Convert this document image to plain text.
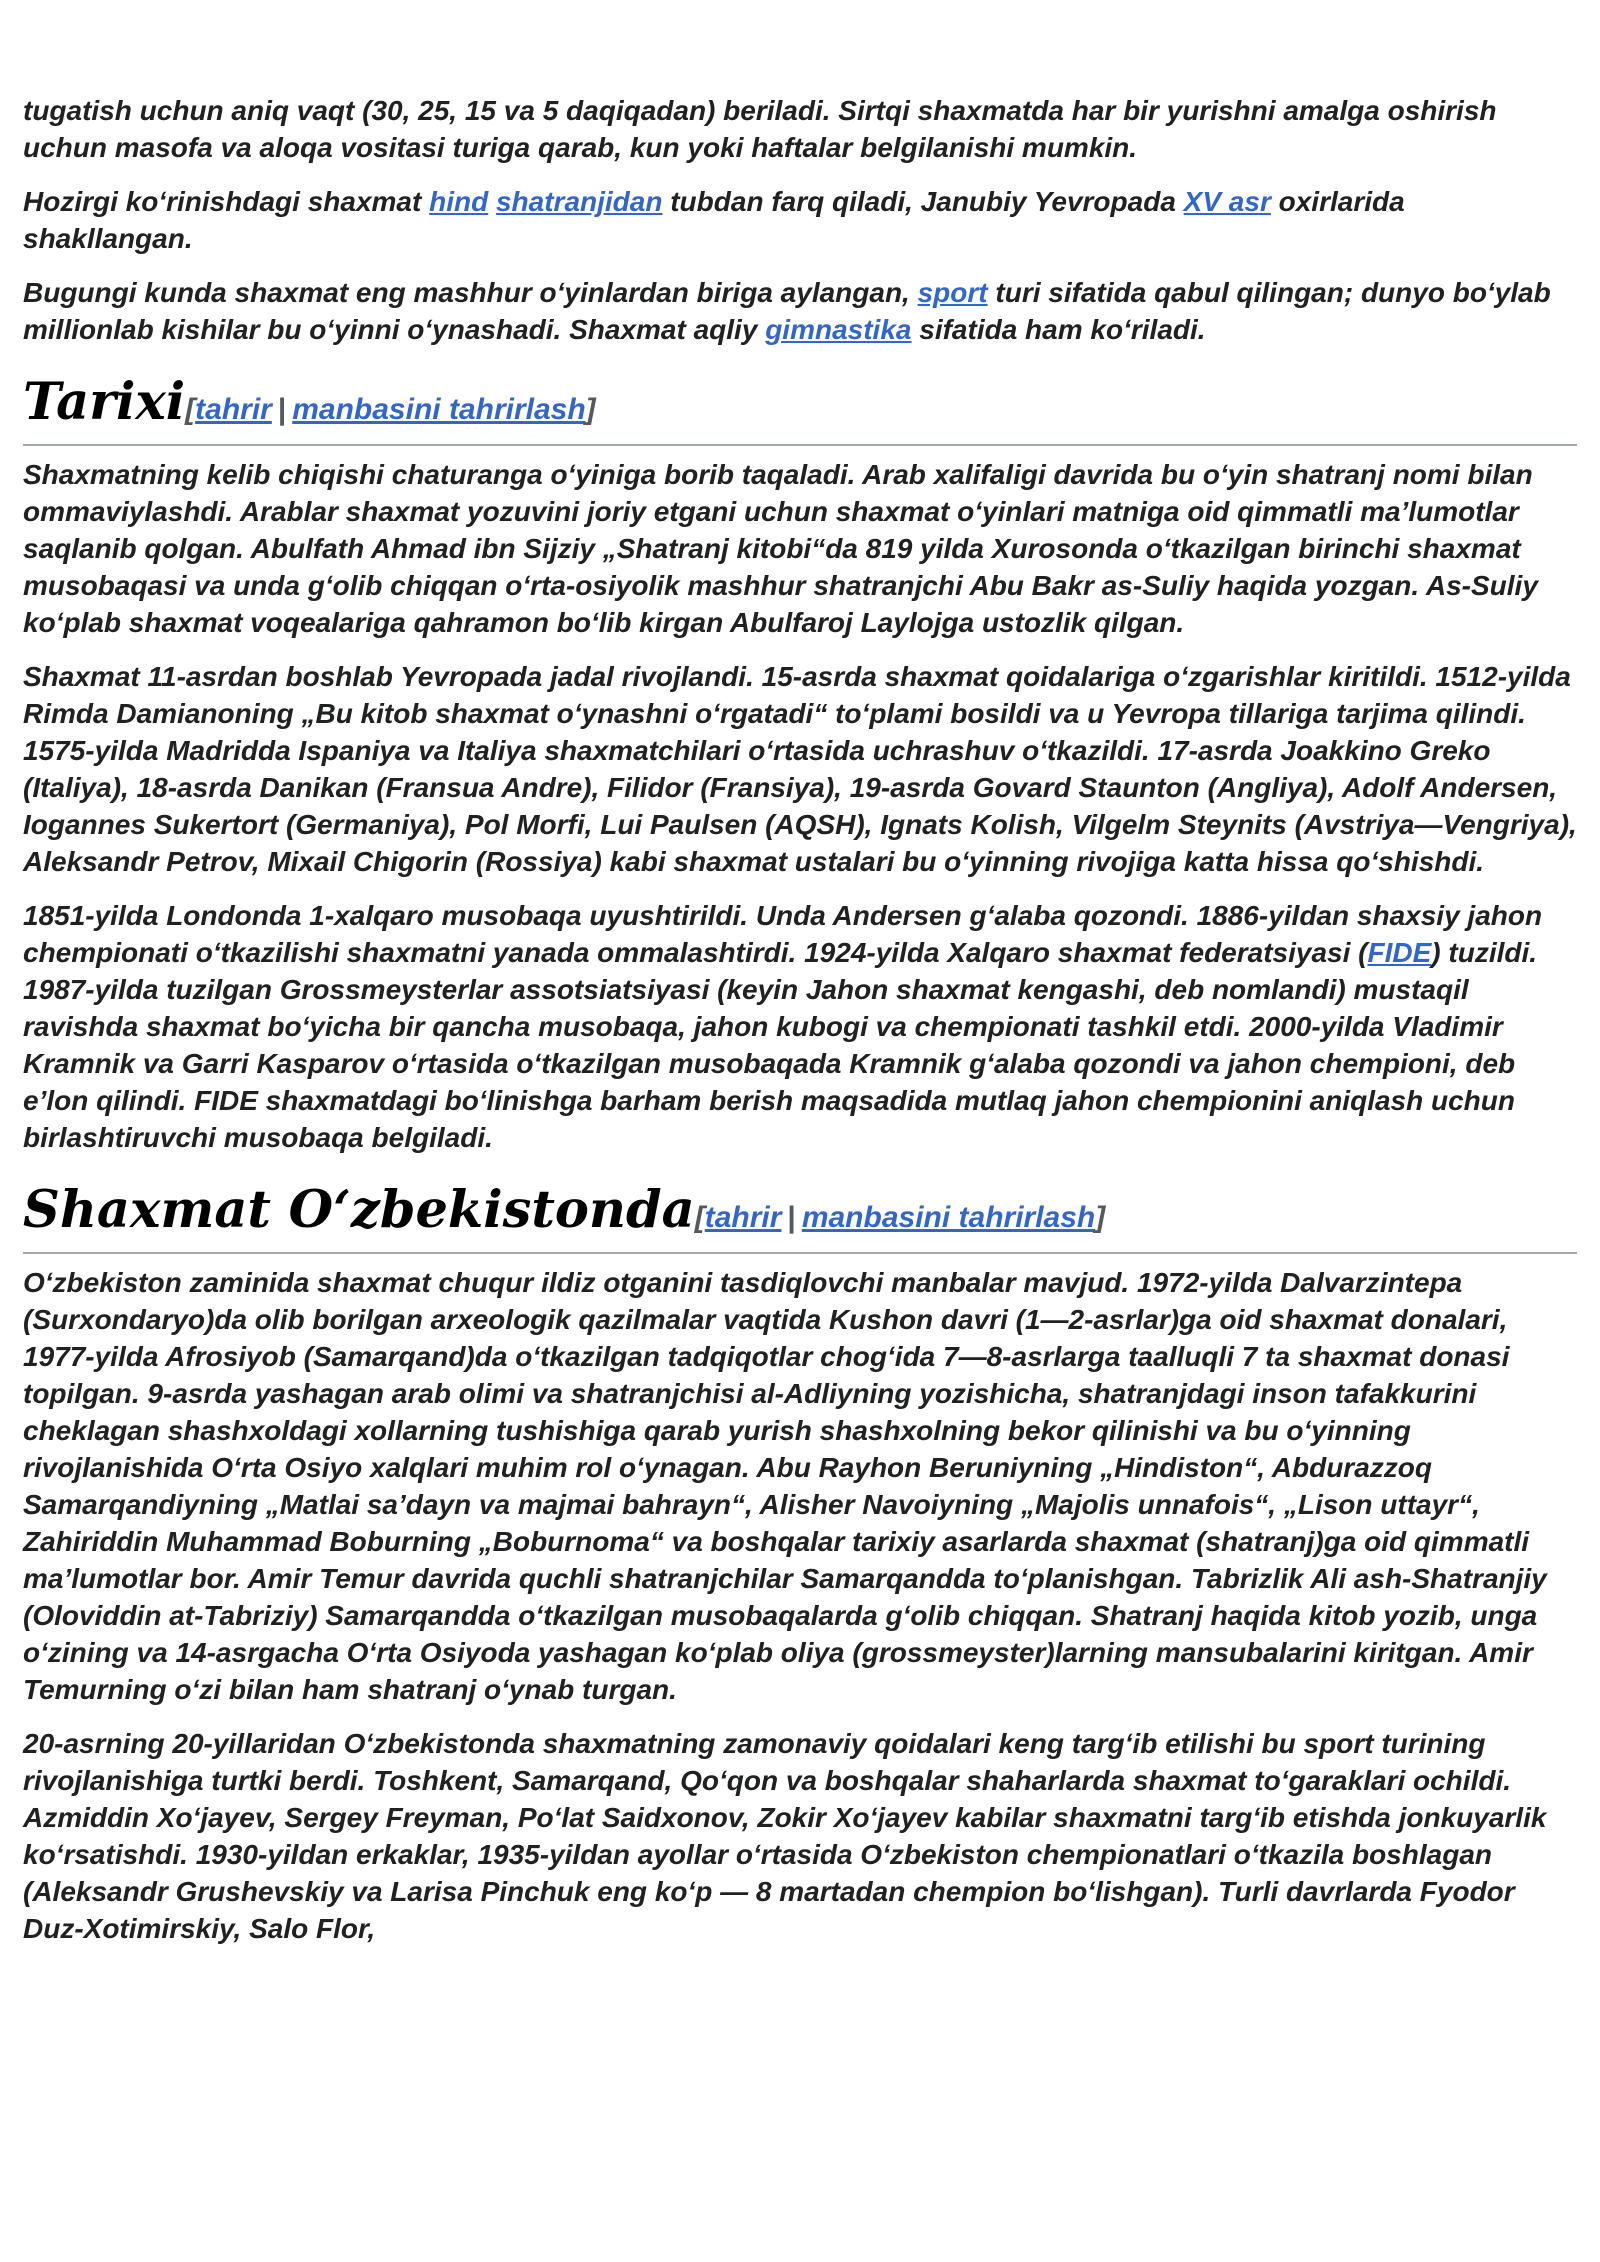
tugatish uchun aniq vaqt (30, 25, 15 va 5 daqiqadan) beriladi. Sirtqi shaxmatda har bir yurishni amalga oshirish uchun masofa va aloqa vositasi turiga qarab, kun yoki haftalar belgilanishi mumkin.

Hozirgi koʻrinishdagi shaxmat hind shatranjidan tubdan farq qiladi, Janubiy Yevropada XV asr oxirlarida shakllangan.

Bugungi kunda shaxmat eng mashhur oʻyinlardan biriga aylangan, sport turi sifatida qabul qilingan; dunyo boʻylab millionlab kishilar bu oʻyinni oʻynashadi. Shaxmat aqliy gimnastika sifatida ham koʻriladi.

Tarixi[tahrir | manbasini tahrirlash]

Shaxmatning kelib chiqishi chaturanga oʻyiniga borib taqaladi. Arab xalifaligi davrida bu oʻyin shatranj nomi bilan ommaviylashdi. Arablar shaxmat yozuvini joriy etgani uchun shaxmat oʻyinlari matniga oid qimmatli maʼlumotlar saqlanib qolgan. Abulfath Ahmad ibn Sijziy „Shatranj kitobi“da 819 yilda Xurosonda oʻtkazilgan birinchi shaxmat musobaqasi va unda gʻolib chiqqan oʻrta-osiyolik mashhur shatranjchi Abu Bakr as-Suliy haqida yozgan. As-Suliy koʻplab shaxmat voqealariga qahramon boʻlib kirgan Abulfaroj Laylojga ustozlik qilgan.

Shaxmat 11-asrdan boshlab Yevropada jadal rivojlandi. 15-asrda shaxmat qoidalariga oʻzgarishlar kiritildi. 1512-yilda Rimda Damianoning „Bu kitob shaxmat oʻynashni oʻrgatadi“ toʻplami bosildi va u Yevropa tillariga tarjima qilindi. 1575-yilda Madridda Ispaniya va Italiya shaxmatchilari oʻrtasida uchrashuv oʻtkazildi. 17-asrda Joakkino Greko (Italiya), 18-asrda Danikan (Fransua Andre), Filidor (Fransiya), 19-asrda Govard Staunton (Angliya), Adolf Andersen, Iogannes Sukertort (Germaniya), Pol Morfi, Lui Paulsen (AQSH), Ignats Kolish, Vilgelm Steynits (Avstriya—Vengriya), Aleksandr Petrov, Mixail Chigorin (Rossiya) kabi shaxmat ustalari bu oʻyinning rivojiga katta hissa qoʻshishdi.

1851-yilda Londonda 1-xalqaro musobaqa uyushtirildi. Unda Andersen gʻalaba qozondi. 1886-yildan shaxsiy jahon chempionati oʻtkazilishi shaxmatni yanada ommalashtirdi. 1924-yilda Xalqaro shaxmat federatsiyasi (FIDE) tuzildi. 1987-yilda tuzilgan Grossmeysterlar assotsiatsiyasi (keyin Jahon shaxmat kengashi, deb nomlandi) mustaqil ravishda shaxmat boʻyicha bir qancha musobaqa, jahon kubogi va chempionati tashkil etdi. 2000-yilda Vladimir Kramnik va Garri Kasparov oʻrtasida oʻtkazilgan musobaqada Kramnik gʻalaba qozondi va jahon chempioni, deb eʼlon qilindi. FIDE shaxmatdagi boʻlinishga barham berish maqsadida mutlaq jahon chempionini aniqlash uchun birlashtiruvchi musobaqa belgiladi.

Shaxmat Oʻzbekistonda[tahrir | manbasini tahrirlash]

Oʻzbekiston zaminida shaxmat chuqur ildiz otganini tasdiqlovchi manbalar mavjud. 1972-yilda Dalvarzintepa (Surxondaryo)da olib borilgan arxeologik qazilmalar vaqtida Kushon davri (1—2-asrlar)ga oid shaxmat donalari, 1977-yilda Afrosiyob (Samarqand)da oʻtkazilgan tadqiqotlar chogʻida 7—8-asrlarga taalluqli 7 ta shaxmat donasi topilgan. 9-asrda yashagan arab olimi va shatranjchisi al-Adliyning yozishicha, shatranjdagi inson tafakkurini cheklagan shashxoldagi xollarning tushishiga qarab yurish shashxolning bekor qilinishi va bu oʻyinning rivojlanishida Oʻrta Osiyo xalqlari muhim rol oʻynagan. Abu Rayhon Beruniyning „Hindiston“, Abdurazzoq Samarqandiyning „Matlai saʼdayn va majmai bahrayn“, Alisher Navoiyning „Majolis unnafois“, „Lison uttayr“, Zahiriddin Muhammad Boburning „Boburnoma“ va boshqalar tarixiy asarlarda shaxmat (shatranj)ga oid qimmatli maʼlumotlar bor. Amir Temur davrida quchli shatranjchilar Samarqandda toʻplanishgan. Tabrizlik Ali ash-Shatranjiy (Oloviddin at-Tabriziy) Samarqandda oʻtkazilgan musobaqalarda gʻolib chiqqan. Shatranj haqida kitob yozib, unga oʻzining va 14-asrgacha Oʻrta Osiyoda yashagan koʻplab oliya (grossmeyster)larning mansubalarini kiritgan. Amir Temurning oʻzi bilan ham shatranj oʻynab turgan.

20-asrning 20-yillaridan Oʻzbekistonda shaxmatning zamonaviy qoidalari keng targʻib etilishi bu sport turining rivojlanishiga turtki berdi. Toshkent, Samarqand, Qoʻqon va boshqalar shaharlarda shaxmat toʻgaraklari ochildi. Azmiddin Xoʻjayev, Sergey Freyman, Poʻlat Saidxonov, Zokir Xoʻjayev kabilar shaxmatni targʻib etishda jonkuyarlik koʻrsatishdi. 1930-yildan erkaklar, 1935-yildan ayollar oʻrtasida Oʻzbekiston chempionatlari oʻtkazila boshlagan (Aleksandr Grushevskiy va Larisa Pinchuk eng koʻp — 8 martadan chempion boʻlishgan). Turli davrlarda Fyodor Duz-Xotimirskiy, Salo Flor,
